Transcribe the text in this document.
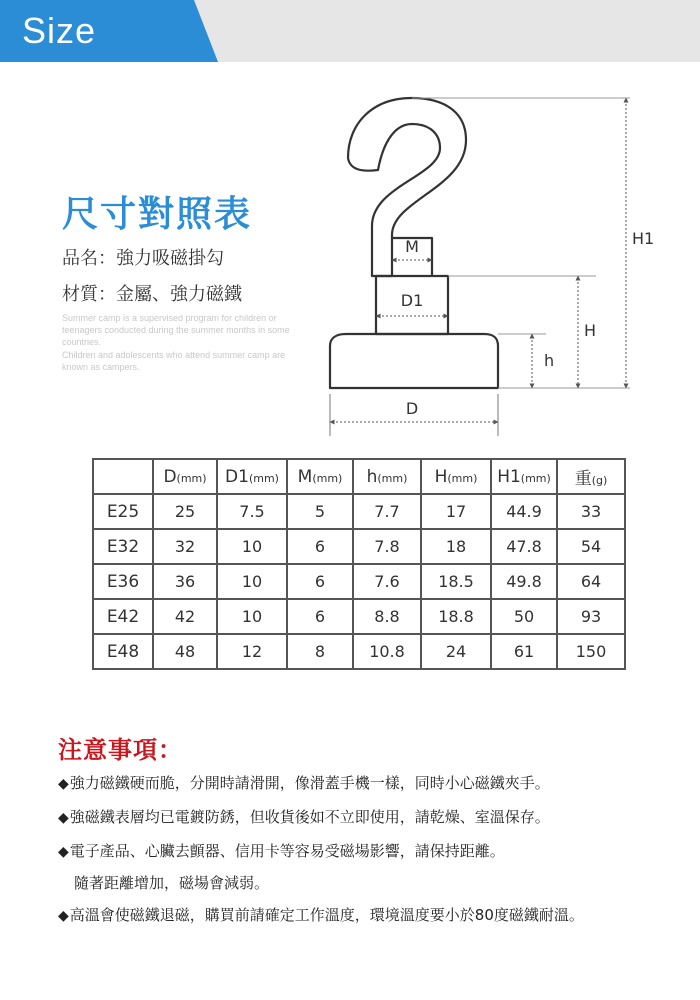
Size
尺寸對照表
品名：強力吸磁掛勾
材質：金屬、強力磁鐵
Summer camp is a supervised program for children or teenagers conducted during the summer months in some countries.
Children and adolescents who attend summer camp are known as campers.
M
D1
D
h
H
H1
	D(mm)	D1(mm)	M(mm)	h(mm)	H(mm)	H1(mm)	重(g)
E25	25	7.5	5	7.7	17	44.9	33
E32	32	10	6	7.8	18	47.8	54
E36	36	10	6	7.6	18.5	49.8	64
E42	42	10	6	8.8	18.8	50	93
E48	48	12	8	10.8	24	61	150
注意事項：
◆強力磁鐵硬而脆，分開時請滑開，像滑蓋手機一樣，同時小心磁鐵夾手。
◆強磁鐵表層均已電鍍防銹，但收貨後如不立即使用，請乾燥、室溫保存。
◆電子產品、心臟去顫器、信用卡等容易受磁場影響，請保持距離。
隨著距離增加，磁場會減弱。
◆高溫會使磁鐵退磁，購買前請確定工作溫度，環境溫度要小於80度磁鐵耐溫。
